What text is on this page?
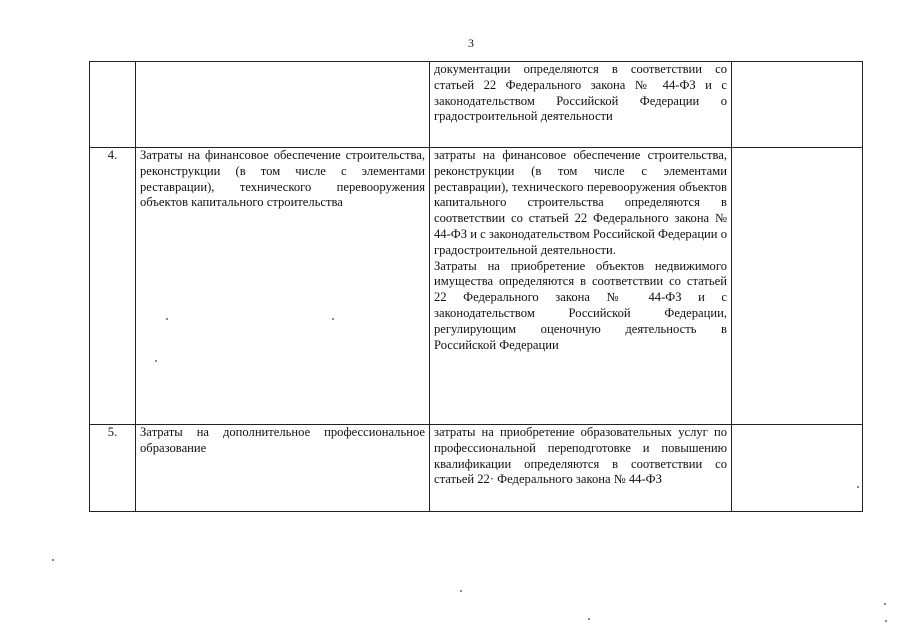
3

		документации определяются в соответствии со статьей 22 Федерального закона № 44-ФЗ и с законодательством Российской Федерации о градостроительной деятельности	

4.	Затраты на финансовое обеспечение строительства, реконструкции (в том числе с элементами реставрации), технического перевооружения объектов капитального строительства	затраты на финансовое обеспечение строительства, реконструкции (в том числе с элементами реставрации), технического перевооружения объектов капитального строительства определяются в соответствии со статьей 22 Федерального закона № 44-ФЗ и с законодательством Российской Федерации о градостроительной деятельности.
Затраты на приобретение объектов недвижимого имущества определяются в соответствии со статьей 22 Федерального закона № 44-ФЗ и с законодательством Российской Федерации, регулирующим оценочную деятельность в Российской Федерации	

5.	Затраты на дополнительное профессиональное образование	затраты на приобретение образовательных услуг по профессиональной переподготовке и повышению квалификации определяются в соответствии со статьей 22· Федерального закона № 44-ФЗ	
